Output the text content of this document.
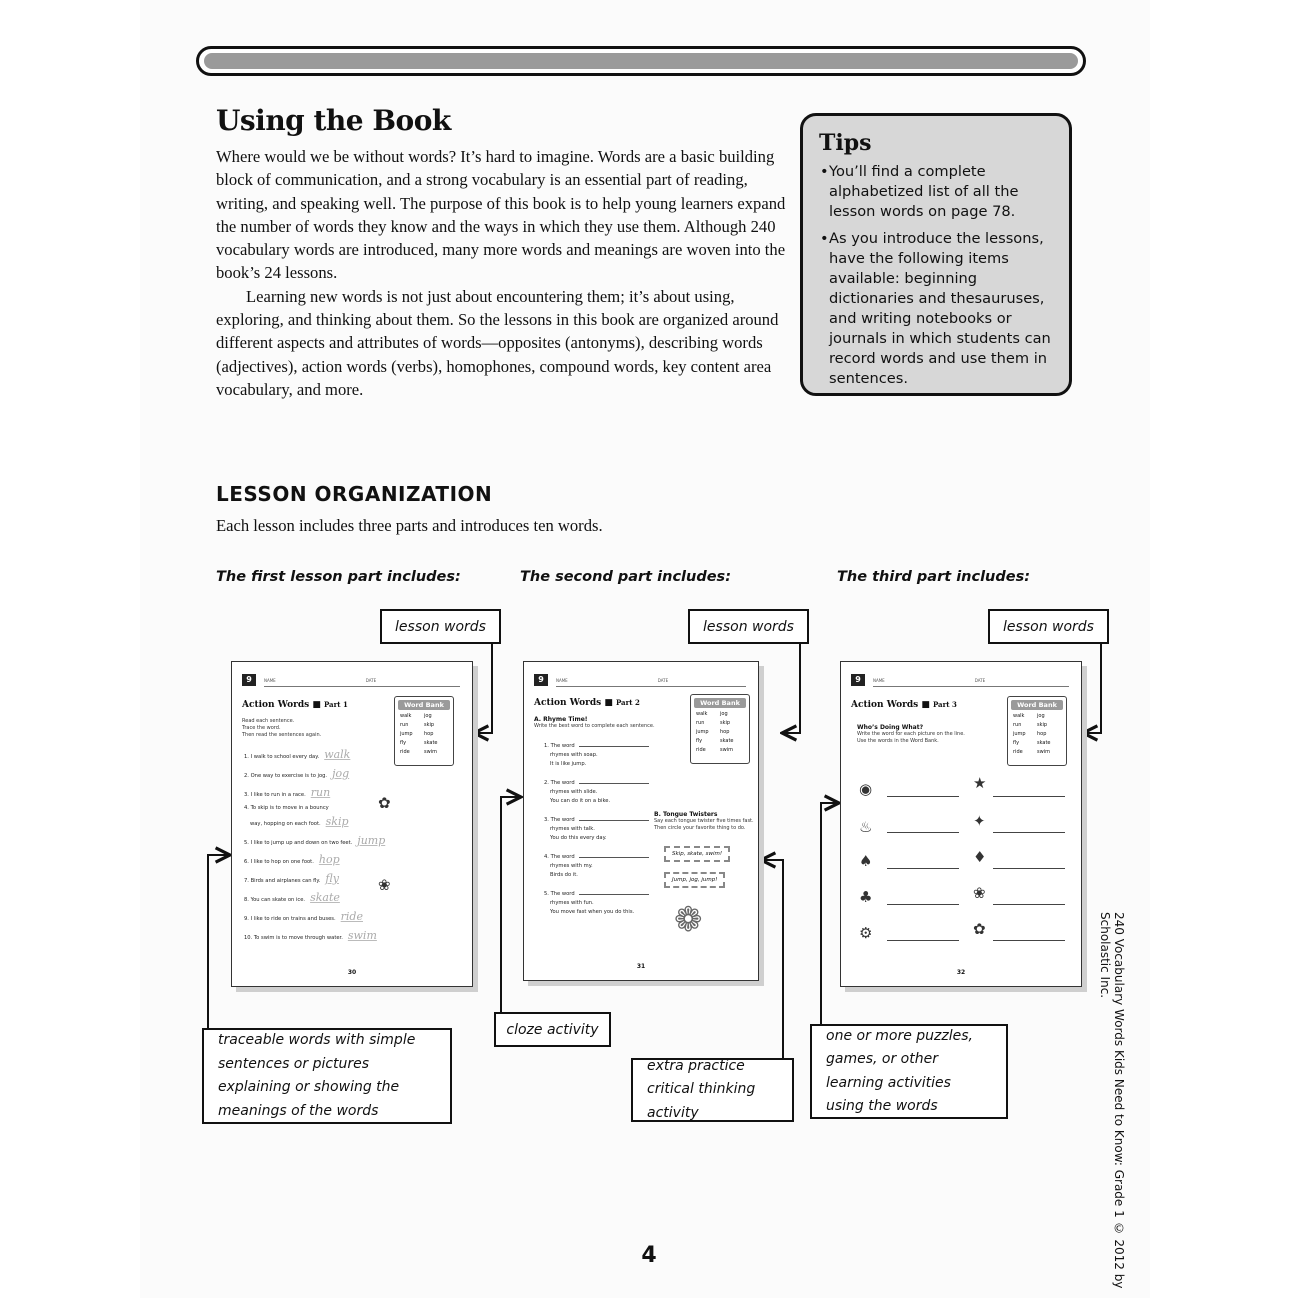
Using the Book

Where would we be without words? It’s hard to imagine. Words are a basic building block of communication, and a strong vocabulary is an essential part of reading, writing, and speaking well. The purpose of this book is to help young learners expand the number of words they know and the ways in which they use them. Although 240 vocabulary words are introduced, many more words and meanings are woven into the book’s 24 lessons.

Learning new words is not just about encountering them; it’s about using, exploring, and thinking about them. So the lessons in this book are organized around different aspects and attributes of words—opposites (antonyms), describing words (adjectives), action words (verbs), homophones, compound words, key content area vocabulary, and more.

Tips
• You’ll find a complete alphabetized list of all the lesson words on page 78.
• As you introduce the lessons, have the following items available: beginning dictionaries and thesauruses, and writing notebooks or journals in which students can record words and use them in sentences.
LESSON ORGANIZATION

Each lesson includes three parts and introduces ten words.

The first lesson part includes:	The second part includes:	The third part includes:

lesson words	lesson words	lesson words
9	NAME	DATE
Action Words ■ Part 1	Word Bank
walk	jog
run	skip
jump	hop
fly	skate
ride	swim
Read each sentence.
Trace the word.
Then read the sentences again.
1. I walk to school every day. walk
2. One way to exercise is to jog. jog
3. I like to run in a race. run
4. To skip is to move in a bouncy
way, hopping on each foot. skip
5. I like to jump up and down on two feet. jump
6. I like to hop on one foot. hop
7. Birds and airplanes can fly. fly
8. You can skate on ice. skate
9. I like to ride on trains and buses. ride
10. To swim is to move through water. swim
✿
❀
30
9	NAME	DATE
Action Words ■ Part 2	Word Bank
walk	jog
run	skip
jump	hop
fly	skate
ride	swim
A. Rhyme Time!
Write the best word to complete each sentence.
1. The word
rhymes with soap.
It is like jump.
2. The word
rhymes with slide.
You can do it on a bike.
3. The word
rhymes with talk.
You do this every day.
4. The word
rhymes with my.
Birds do it.
5. The word
rhymes with fun.
You move fast when you do this.
B. Tongue Twisters
Say each tongue twister five times fast. Then circle your favorite thing to do.
Skip, skate, swim!
Jump, jog, jump!
❁
31
9	NAME	DATE
Action Words ■ Part 3	Word Bank
walk	jog
run	skip
jump	hop
fly	skate
ride	swim
Who’s Doing What?
Write the word for each picture on the line.
Use the words in the Word Bank.
◉
♨
♠
♣
⚙
★
✦
♦
❀
✿
32
traceable words with simple sentences or pictures explaining or showing the meanings of the words
cloze activity
extra practice critical thinking activity
one or more puzzles, games, or other learning activities using the words

4	240 Vocabulary Words Kids Need to Know: Grade 1 © 2012 by Scholastic Inc.
